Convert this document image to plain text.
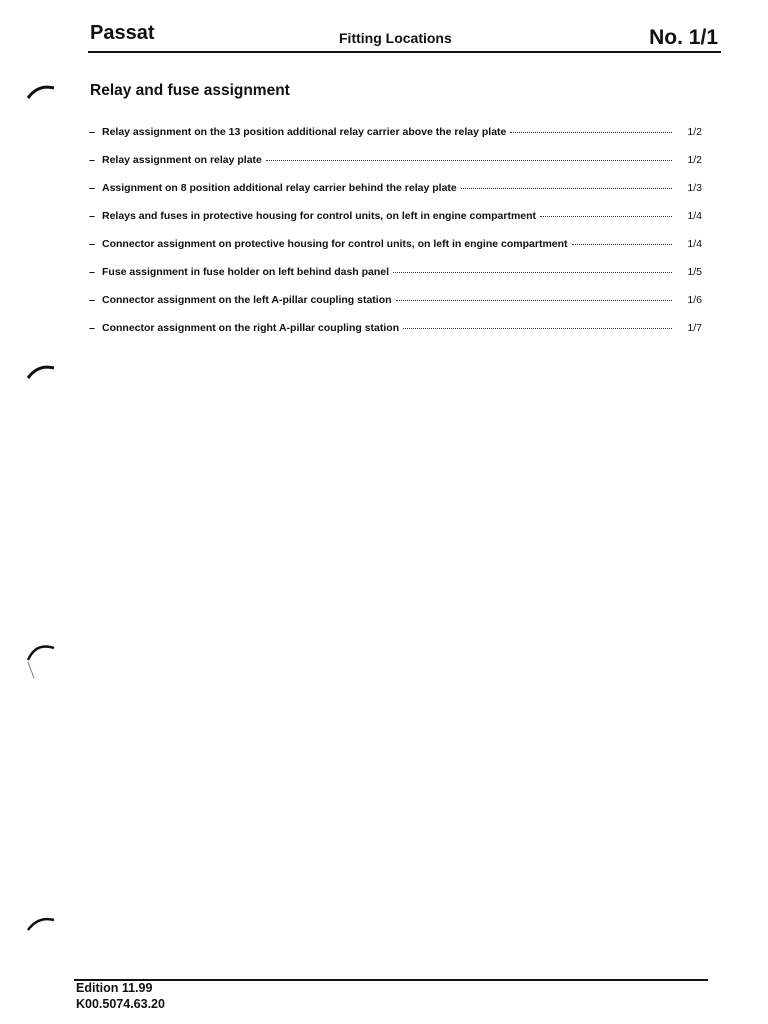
Passat	Fitting Locations	No. 1/1
Relay and fuse assignment
– Relay assignment on the 13 position additional relay carrier above the relay plate	1/2
– Relay assignment on relay plate	1/2
– Assignment on 8 position additional relay carrier behind the relay plate	1/3
– Relays and fuses in protective housing for control units, on left in engine compartment	1/4
– Connector assignment on protective housing for control units, on left in engine compartment	1/4
– Fuse assignment in fuse holder on left behind dash panel	1/5
– Connector assignment on the left A-pillar coupling station	1/6
– Connector assignment on the right A-pillar coupling station	1/7
Edition 11.99
K00.5074.63.20
